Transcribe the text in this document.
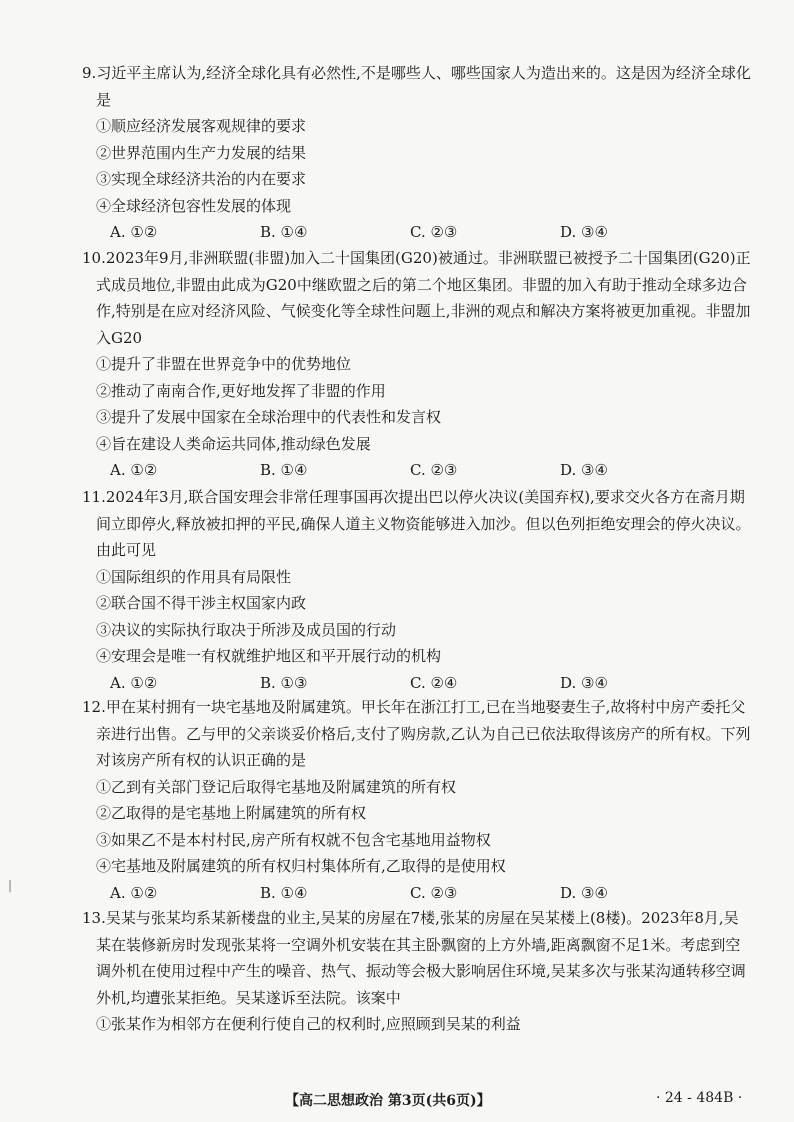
9.习近平主席认为,经济全球化具有必然性,不是哪些人、哪些国家人为造出来的。这是因为经济全球化是

①顺应经济发展客观规律的要求

②世界范围内生产力发展的结果

③实现全球经济共治的内在要求

④全球经济包容性发展的体现

A. ①②	B. ①④	C. ②③	D. ③④

10.2023年9月,非洲联盟(非盟)加入二十国集团(G20)被通过。非洲联盟已被授予二十国集团(G20)正式成员地位,非盟由此成为G20中继欧盟之后的第二个地区集团。非盟的加入有助于推动全球多边合作,特别是在应对经济风险、气候变化等全球性问题上,非洲的观点和解决方案将被更加重视。非盟加入G20

①提升了非盟在世界竞争中的优势地位

②推动了南南合作,更好地发挥了非盟的作用

③提升了发展中国家在全球治理中的代表性和发言权

④旨在建设人类命运共同体,推动绿色发展

A. ①②	B. ①④	C. ②③	D. ③④

11.2024年3月,联合国安理会非常任理事国再次提出巴以停火决议(美国弃权),要求交火各方在斋月期间立即停火,释放被扣押的平民,确保人道主义物资能够进入加沙。但以色列拒绝安理会的停火决议。由此可见

①国际组织的作用具有局限性

②联合国不得干涉主权国家内政

③决议的实际执行取决于所涉及成员国的行动

④安理会是唯一有权就维护地区和平开展行动的机构

A. ①②	B. ①③	C. ②④	D. ③④

12.甲在某村拥有一块宅基地及附属建筑。甲长年在浙江打工,已在当地娶妻生子,故将村中房产委托父亲进行出售。乙与甲的父亲谈妥价格后,支付了购房款,乙认为自己已依法取得该房产的所有权。下列对该房产所有权的认识正确的是

①乙到有关部门登记后取得宅基地及附属建筑的所有权

②乙取得的是宅基地上附属建筑的所有权

③如果乙不是本村村民,房产所有权就不包含宅基地用益物权

④宅基地及附属建筑的所有权归村集体所有,乙取得的是使用权

A. ①②	B. ①④	C. ②③	D. ③④

13.吴某与张某均系某新楼盘的业主,吴某的房屋在7楼,张某的房屋在吴某楼上(8楼)。2023年8月,吴某在装修新房时发现张某将一空调外机安装在其主卧飘窗的上方外墙,距离飘窗不足1米。考虑到空调外机在使用过程中产生的噪音、热气、振动等会极大影响居住环境,吴某多次与张某沟通转移空调外机,均遭张某拒绝。吴某遂诉至法院。该案中

①张某作为相邻方在便利行使自己的权利时,应照顾到吴某的利益

|
【高二思想政治 第3页(共6页)】	· 24 - 484B ·
